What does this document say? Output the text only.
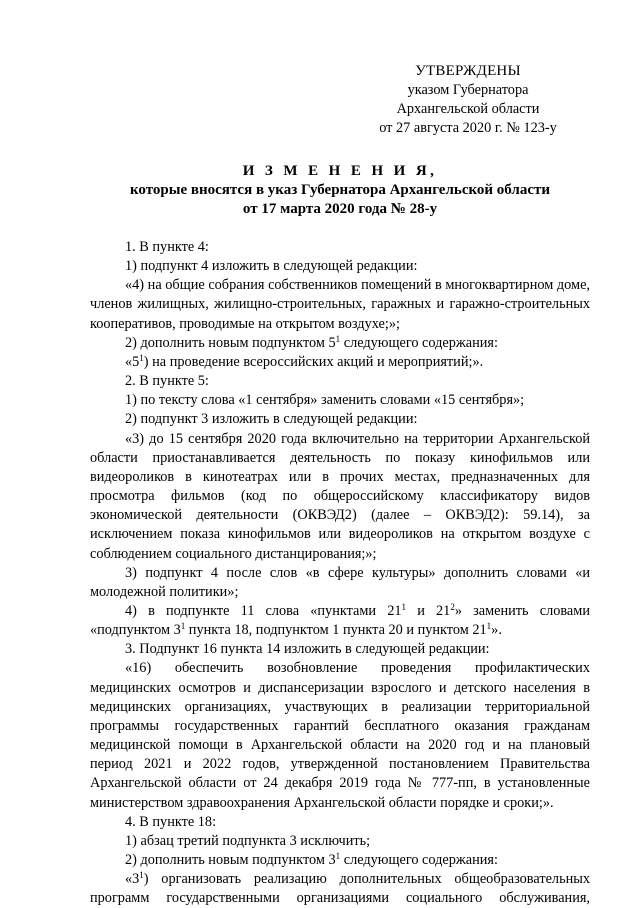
УТВЕРЖДЕНЫ
указом Губернатора
Архангельской области
от 27 августа 2020 г. № 123-у
И З М Е Н Е Н И Я,
которые вносятся в указ Губернатора Архангельской области
от 17 марта 2020 года № 28-у

1. В пункте 4:

1) подпункт 4 изложить в следующей редакции:

«4) на общие собрания собственников помещений в многоквартирном доме, членов жилищных, жилищно-строительных, гаражных и гаражно-строительных кооперативов, проводимые на открытом воздухе;»;

2) дополнить новым подпунктом $5^1$ следующего содержания:

«$5^1$) на проведение всероссийских акций и мероприятий;».

2. В пункте 5:

1) по тексту слова «1 сентября» заменить словами «15 сентября»;

2) подпункт 3 изложить в следующей редакции:

«3) до 15 сентября 2020 года включительно на территории Архангельской области приостанавливается деятельность по показу кинофильмов или видеороликов в кинотеатрах или в прочих местах, предназначенных для просмотра фильмов (код по общероссийскому классификатору видов экономической деятельности (ОКВЭД2) (далее – ОКВЭД2): 59.14), за исключением показа кинофильмов или видеороликов на открытом воздухе с соблюдением социального дистанцирования;»;

3) подпункт 4 после слов «в сфере культуры» дополнить словами «и молодежной политики»;

4) в подпункте 11 слова «пунктами $21^1$ и $21^2$» заменить словами «подпунктом $3^1$ пункта 18, подпунктом 1 пункта 20 и пунктом $21^1$».

3. Подпункт 16 пункта 14 изложить в следующей редакции:

«16) обеспечить возобновление проведения профилактических медицинских осмотров и диспансеризации взрослого и детского населения в медицинских организациях, участвующих в реализации территориальной программы государственных гарантий бесплатного оказания гражданам медицинской помощи в Архангельской области на 2020 год и на плановый период 2021 и 2022 годов, утвержденной постановлением Правительства Архангельской области от 24 декабря 2019 года № 777-пп, в установленные министерством здравоохранения Архангельской области порядке и сроки;».

4. В пункте 18:

1) абзац третий подпункта 3 исключить;

2) дополнить новым подпунктом $3^1$ следующего содержания:

«$3^1$) организовать реализацию дополнительных общеобразовательных программ государственными организациями социального обслуживания,
